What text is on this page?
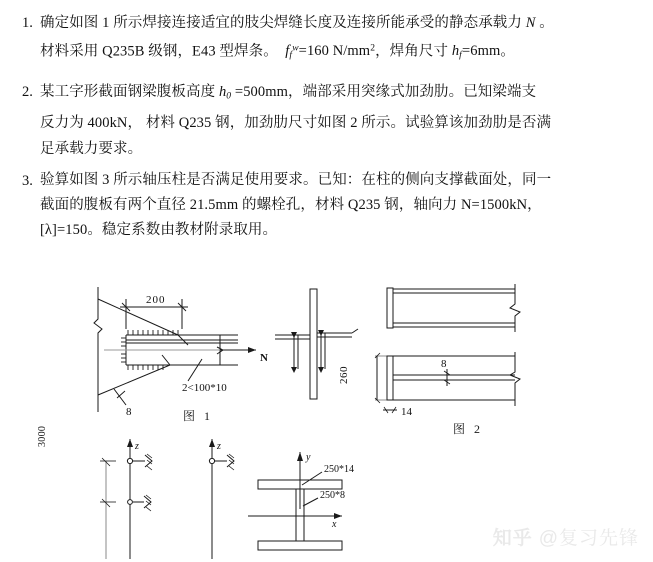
1. 确定如图 1 所示焊接连接适宜的肢尖焊缝长度及连接所能承受的静态承载力 N 。
材料采用 Q235B 级钢，E43 型焊条。 $f_f^w=160$ $N/mm^2$，焊角尺寸 $h_f=6mm$。
2. 某工字形截面钢梁腹板高度 $h_0 =500mm$，端部采用突缘式加劲肋。已知梁端支
反力为 400kN， 材料 Q235 钢，加劲肋尺寸如图 2 所示。试验算该加劲肋是否满
足承载力要求。
3. 验算如图 3 所示轴压柱是否满足使用要求。已知：在柱的侧向支撑截面处，同一
截面的腹板有两个直径 21.5mm 的螺栓孔，材料 Q235 钢，轴向力 N=1500kN，
[λ]=150。稳定系数由教材附录取用。
200
2<100*10
8
N
图 1
260
14
8
图 2
z	z
y
x
3000
250*14
250*8
知乎 @复习先锋
